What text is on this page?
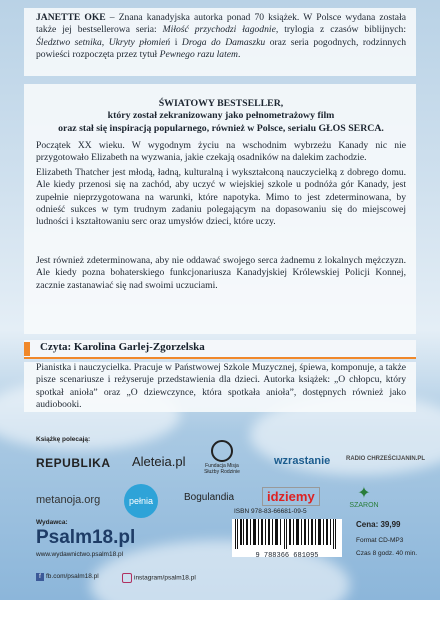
JANETTE OKE – Znana kanadyjska autorka ponad 70 książek. W Polsce wydana została także jej bestsellerowa seria: Miłość przychodzi łagodnie, trylogia z czasów biblijnych: Śledztwo setnika, Ukryty płomień i Droga do Damaszku oraz seria pogodnych, rodzinnych powieści rozpoczęta przez tytuł Pewnego razu latem.
ŚWIATOWY BESTSELLER,
który został zekranizowany jako pełnometrażowy film
oraz stał się inspiracją popularnego, również w Polsce, serialu GŁOS SERCA.
Początek XX wieku. W wygodnym życiu na wschodnim wybrzeżu Kanady nic nie przygotowało Elizabeth na wyzwania, jakie czekają osadników na dalekim zachodzie.
Elizabeth Thatcher jest młodą, ładną, kulturalną i wykształconą nauczycielką z dobrego domu. Ale kiedy przenosi się na zachód, aby uczyć w wiejskiej szkole u podnóża gór Kanady, jest zupełnie nieprzygotowana na warunki, które napotyka. Mimo to jest zdeterminowana, by odnieść sukces w tym trudnym zadaniu polegającym na dopasowaniu się do miejscowej ludności i kształtowaniu serc oraz umysłów dzieci, które uczy.
Jest również zdeterminowana, aby nie oddawać swojego serca żadnemu z lokalnych mężczyzn. Ale kiedy pozna bohaterskiego funkcjonariusza Kanadyjskiej Królewskiej Policji Konnej, zacznie zastanawiać się nad swoimi uczuciami.
Czyta: Karolina Garlej-Zgorzelska
Pianistka i nauczycielka. Pracuje w Państwowej Szkole Muzycznej, śpiewa, komponuje, a także pisze scenariusze i reżyseruje przedstawienia dla dzieci. Autorka książek: „O chłopcu, który spotkał anioła” oraz „O dziewczynce, która spotkała anioła”, dostępnych również jako audiobooki.
Książkę polecają:
REPUBLIKA Aleteia.pl	Fundacja Misja Służby Rodzinie
wzrastanie	RADIO CHRZEŚCIJANIN.PL
metanoja.org	pełnia	Bogulandia	idziemy	✦
SZARON
Wydawca:
Psalm18.pl
www.wydawnictwo.psalm18.pl
f fb.com/psalm18.pl	instagram/psalm18.pl
ISBN 978-83-66681-09-5
9 788366 681095
Cena: 39,99
Format CD-MP3
Czas 8 godz. 40 min.
